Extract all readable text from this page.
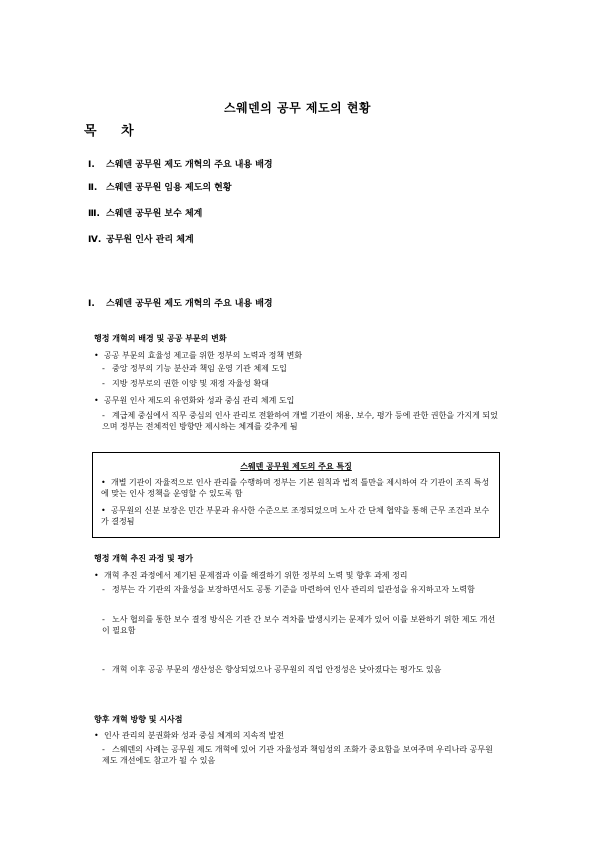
스웨덴의 공무 제도의 현황
목 차
Ⅰ. 스웨덴 공무원 제도 개혁의 주요 내용 배경
Ⅱ. 스웨덴 공무원 임용 제도의 현황
Ⅲ. 스웨덴 공무원 보수 체계
Ⅳ. 공무원 인사 관리 체계
Ⅰ. 스웨덴 공무원 제도 개혁의 주요 내용 배경
행정 개혁의 배경 및 공공 부문의 변화
• 공공 부문의 효율성 제고를 위한 정부의 노력과 정책 변화
- 중앙 정부의 기능 분산과 책임 운영 기관 체제 도입
- 지방 정부로의 권한 이양 및 재정 자율성 확대
• 공무원 인사 제도의 유연화와 성과 중심 관리 체계 도입
- 계급제 중심에서 직무 중심의 인사 관리로 전환하여 개별 기관이 채용, 보수, 평가 등에 관한 권한을 가지게 되었으며 정부는 전체적인 방향만 제시하는 체계를 갖추게 됨
스웨덴 공무원 제도의 주요 특징
• 개별 기관이 자율적으로 인사 관리를 수행하며 정부는 기본 원칙과 법적 틀만을 제시하여 각 기관이 조직 특성에 맞는 인사 정책을 운영할 수 있도록 함
• 공무원의 신분 보장은 민간 부문과 유사한 수준으로 조정되었으며 노사 간 단체 협약을 통해 근무 조건과 보수가 결정됨
행정 개혁 추진 과정 및 평가
• 개혁 추진 과정에서 제기된 문제점과 이를 해결하기 위한 정부의 노력 및 향후 과제 정리
- 정부는 각 기관의 자율성을 보장하면서도 공통 기준을 마련하여 인사 관리의 일관성을 유지하고자 노력함
- 노사 협의를 통한 보수 결정 방식은 기관 간 보수 격차를 발생시키는 문제가 있어 이를 보완하기 위한 제도 개선이 필요함
- 개혁 이후 공공 부문의 생산성은 향상되었으나 공무원의 직업 안정성은 낮아졌다는 평가도 있음
향후 개혁 방향 및 시사점
• 인사 관리의 분권화와 성과 중심 체계의 지속적 발전
- 스웨덴의 사례는 공무원 제도 개혁에 있어 기관 자율성과 책임성의 조화가 중요함을 보여주며 우리나라 공무원 제도 개선에도 참고가 될 수 있음
